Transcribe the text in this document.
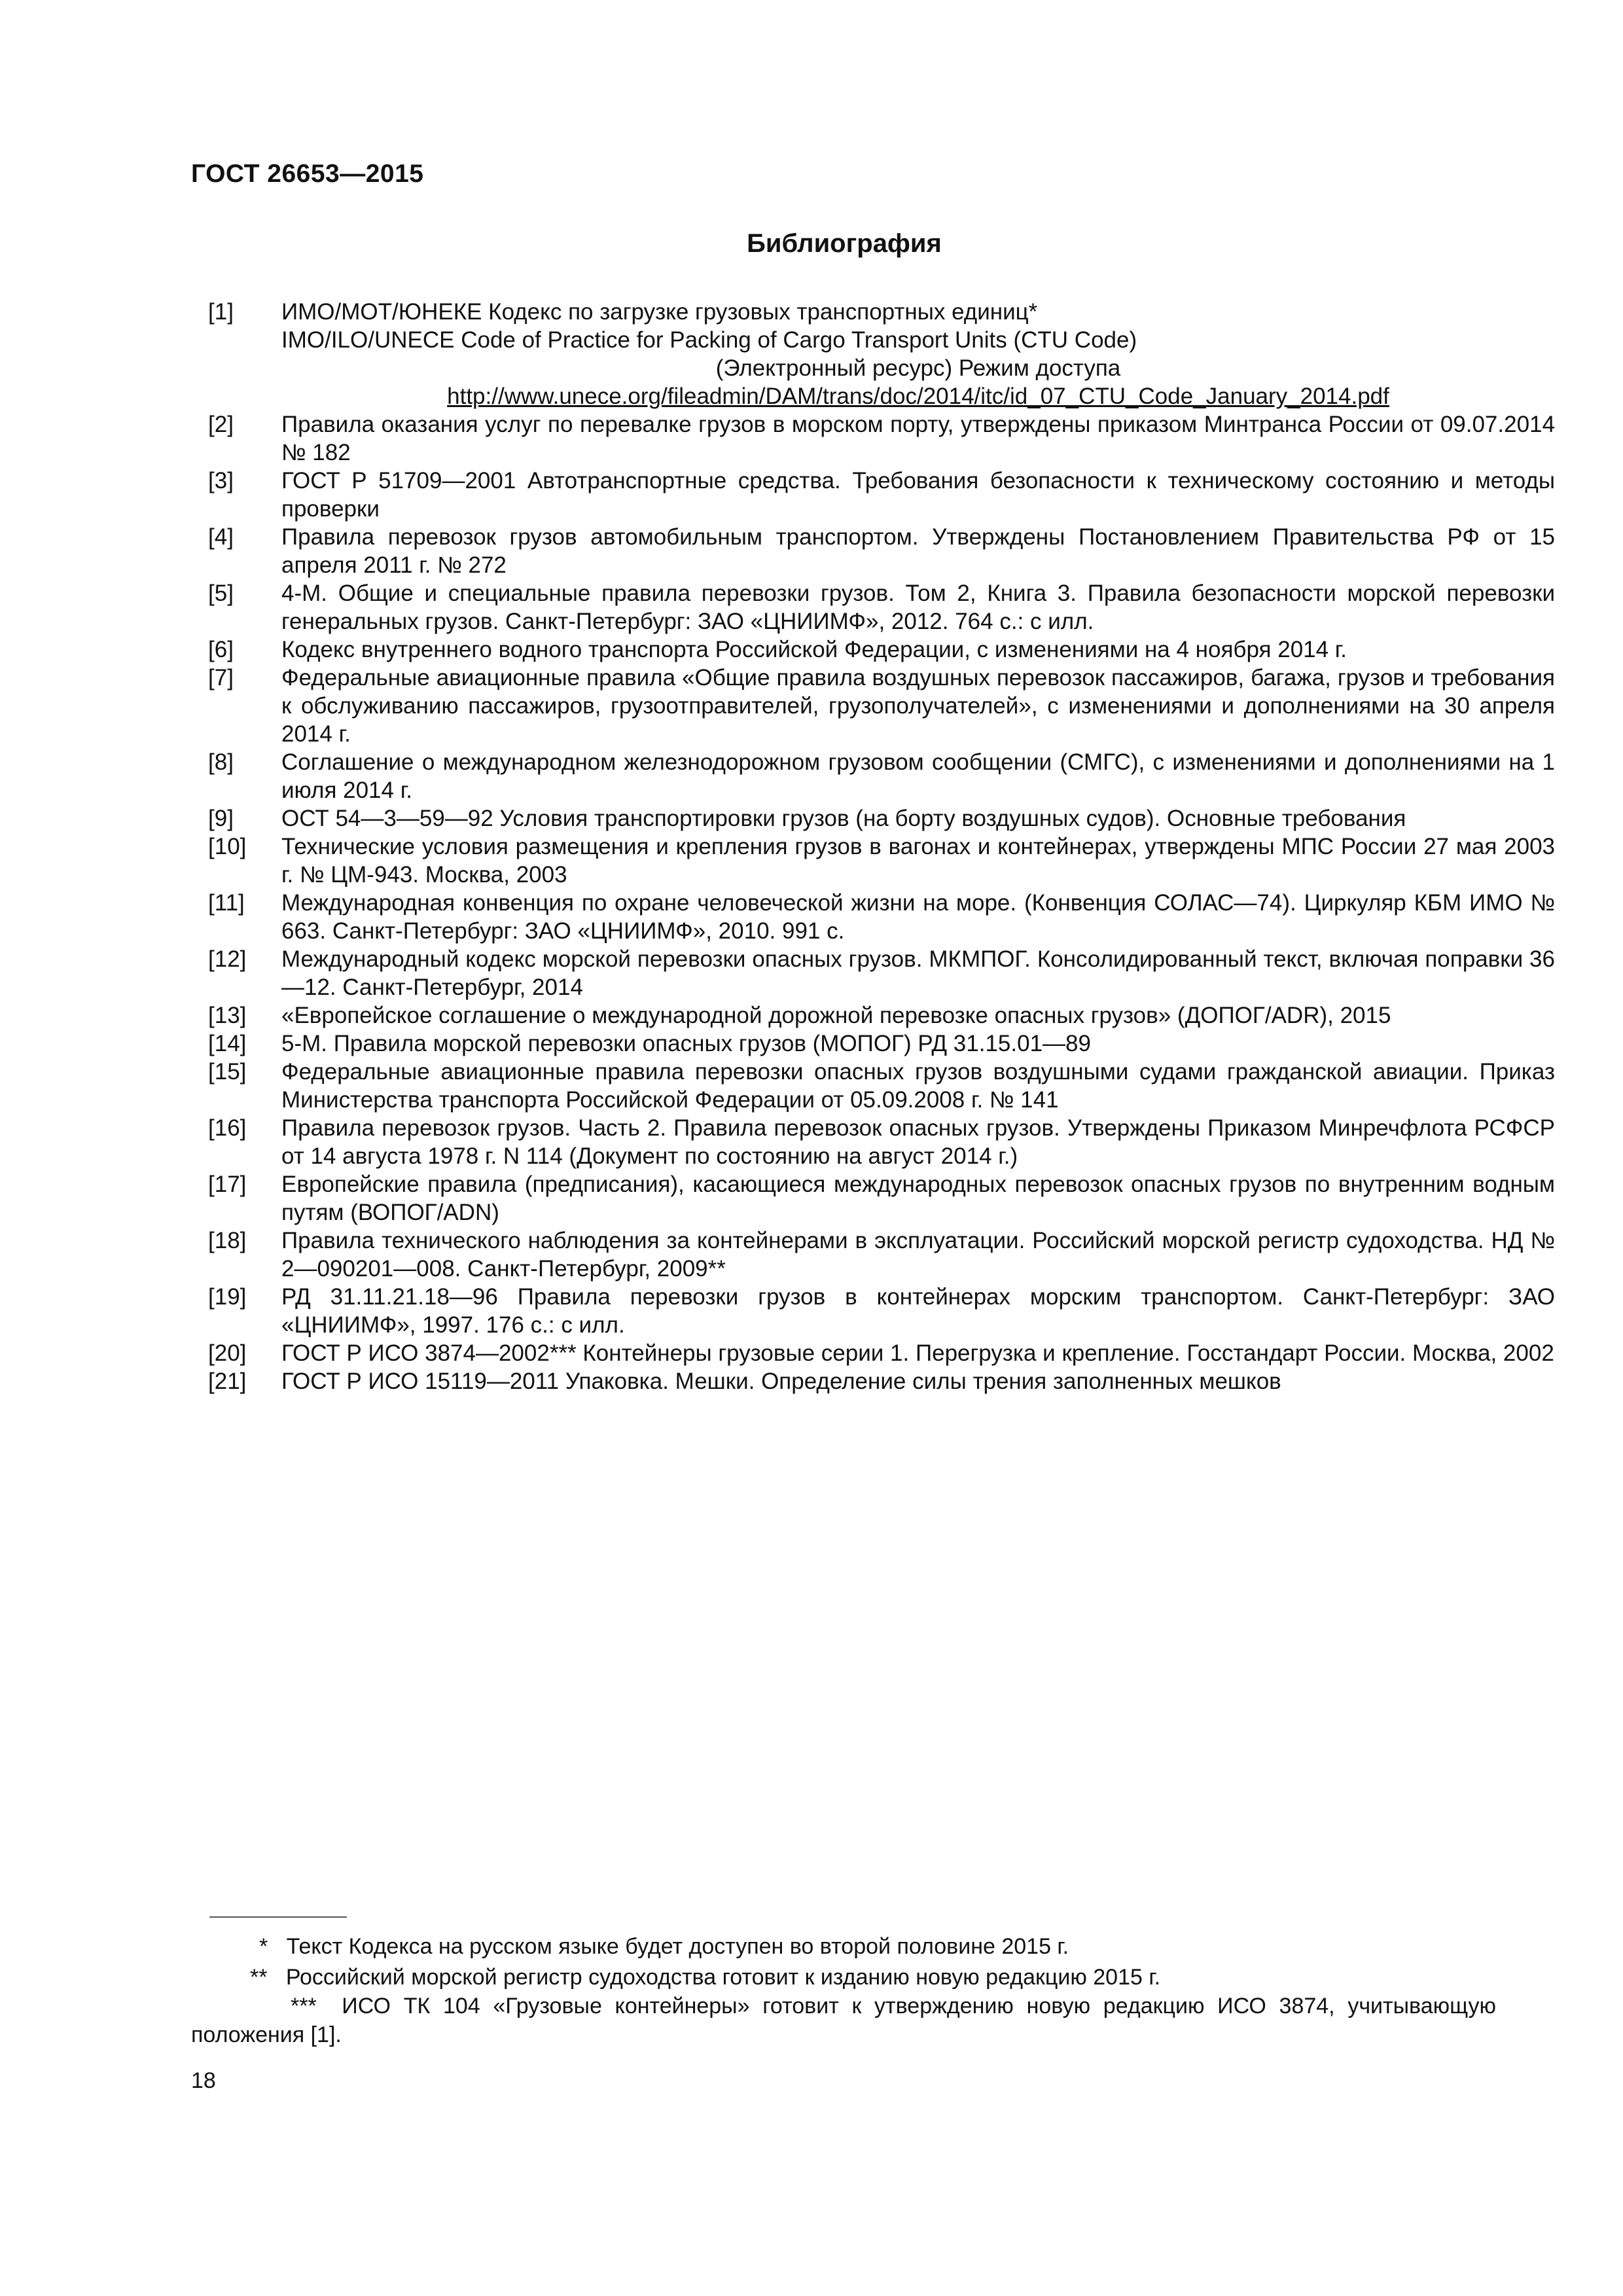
ГОСТ 26653—2015
Библиография
[1]	ИМО/МОТ/ЮНЕКЕ Кодекс по загрузке грузовых транспортных единиц*
IMO/ILO/UNECE Code of Practice for Packing of Cargo Transport Units (CTU Code)
(Электронный ресурс) Режим доступа
http://www.unece.org/fileadmin/DAM/trans/doc/2014/itc/id_07_CTU_Code_January_2014.pdf
[2]	Правила оказания услуг по перевалке грузов в морском порту, утверждены приказом Минтранса России от 09.07.2014 № 182
[3]	ГОСТ Р 51709—2001 Автотранспортные средства. Требования безопасности к техническому состоянию и методы проверки
[4]	Правила перевозок грузов автомобильным транспортом. Утверждены Постановлением Правительства РФ от 15 апреля 2011 г. № 272
[5]	4-М. Общие и специальные правила перевозки грузов. Том 2, Книга 3. Правила безопасности морской перевозки генеральных грузов. Санкт-Петербург: ЗАО «ЦНИИМФ», 2012. 764 с.: с илл.
[6]	Кодекс внутреннего водного транспорта Российской Федерации, с изменениями на 4 ноября 2014 г.
[7]	Федеральные авиационные правила «Общие правила воздушных перевозок пассажиров, багажа, грузов и требования к обслуживанию пассажиров, грузоотправителей, грузополучателей», с изменениями и дополнениями на 30 апреля 2014 г.
[8]	Соглашение о международном железнодорожном грузовом сообщении (СМГС), с изменениями и дополнениями на 1 июля 2014 г.
[9]	ОСТ 54—3—59—92 Условия транспортировки грузов (на борту воздушных судов). Основные требования
[10]	Технические условия размещения и крепления грузов в вагонах и контейнерах, утверждены МПС России 27 мая 2003 г. № ЦМ-943. Москва, 2003
[11]	Международная конвенция по охране человеческой жизни на море. (Конвенция СОЛАС—74). Циркуляр КБМ ИМО № 663. Санкт-Петербург: ЗАО «ЦНИИМФ», 2010. 991 с.
[12]	Международный кодекс морской перевозки опасных грузов. МКМПОГ. Консолидированный текст, включая поправки 36—12. Санкт-Петербург, 2014
[13]	«Европейское соглашение о международной дорожной перевозке опасных грузов» (ДОПОГ/ADR), 2015
[14]	5-М. Правила морской перевозки опасных грузов (МОПОГ) РД 31.15.01—89
[15]	Федеральные авиационные правила перевозки опасных грузов воздушными судами гражданской авиации. Приказ Министерства транспорта Российской Федерации от 05.09.2008 г. № 141
[16]	Правила перевозок грузов. Часть 2. Правила перевозок опасных грузов. Утверждены Приказом Минречфлота РСФСР от 14 августа 1978 г. N 114 (Документ по состоянию на август 2014 г.)
[17]	Европейские правила (предписания), касающиеся международных перевозок опасных грузов по внутренним водным путям (ВОПОГ/ADN)
[18]	Правила технического наблюдения за контейнерами в эксплуатации. Российский морской регистр судоходства. НД № 2—090201—008. Санкт-Петербург, 2009**
[19]	РД 31.11.21.18—96 Правила перевозки грузов в контейнерах морским транспортом. Санкт-Петербург: ЗАО «ЦНИИМФ», 1997. 176 с.: с илл.
[20]	ГОСТ Р ИСО 3874—2002*** Контейнеры грузовые серии 1. Перегрузка и крепление. Госстандарт России. Москва, 2002
[21]	ГОСТ Р ИСО 15119—2011 Упаковка. Мешки. Определение силы трения заполненных мешков
*   Текст Кодекса на русском языке будет доступен во второй половине 2015 г.
**   Российский морской регистр судоходства готовит к изданию новую редакцию 2015 г.
***   ИСО ТК 104 «Грузовые контейнеры» готовит к утверждению новую редакцию ИСО 3874, учитывающую положения [1].
18
